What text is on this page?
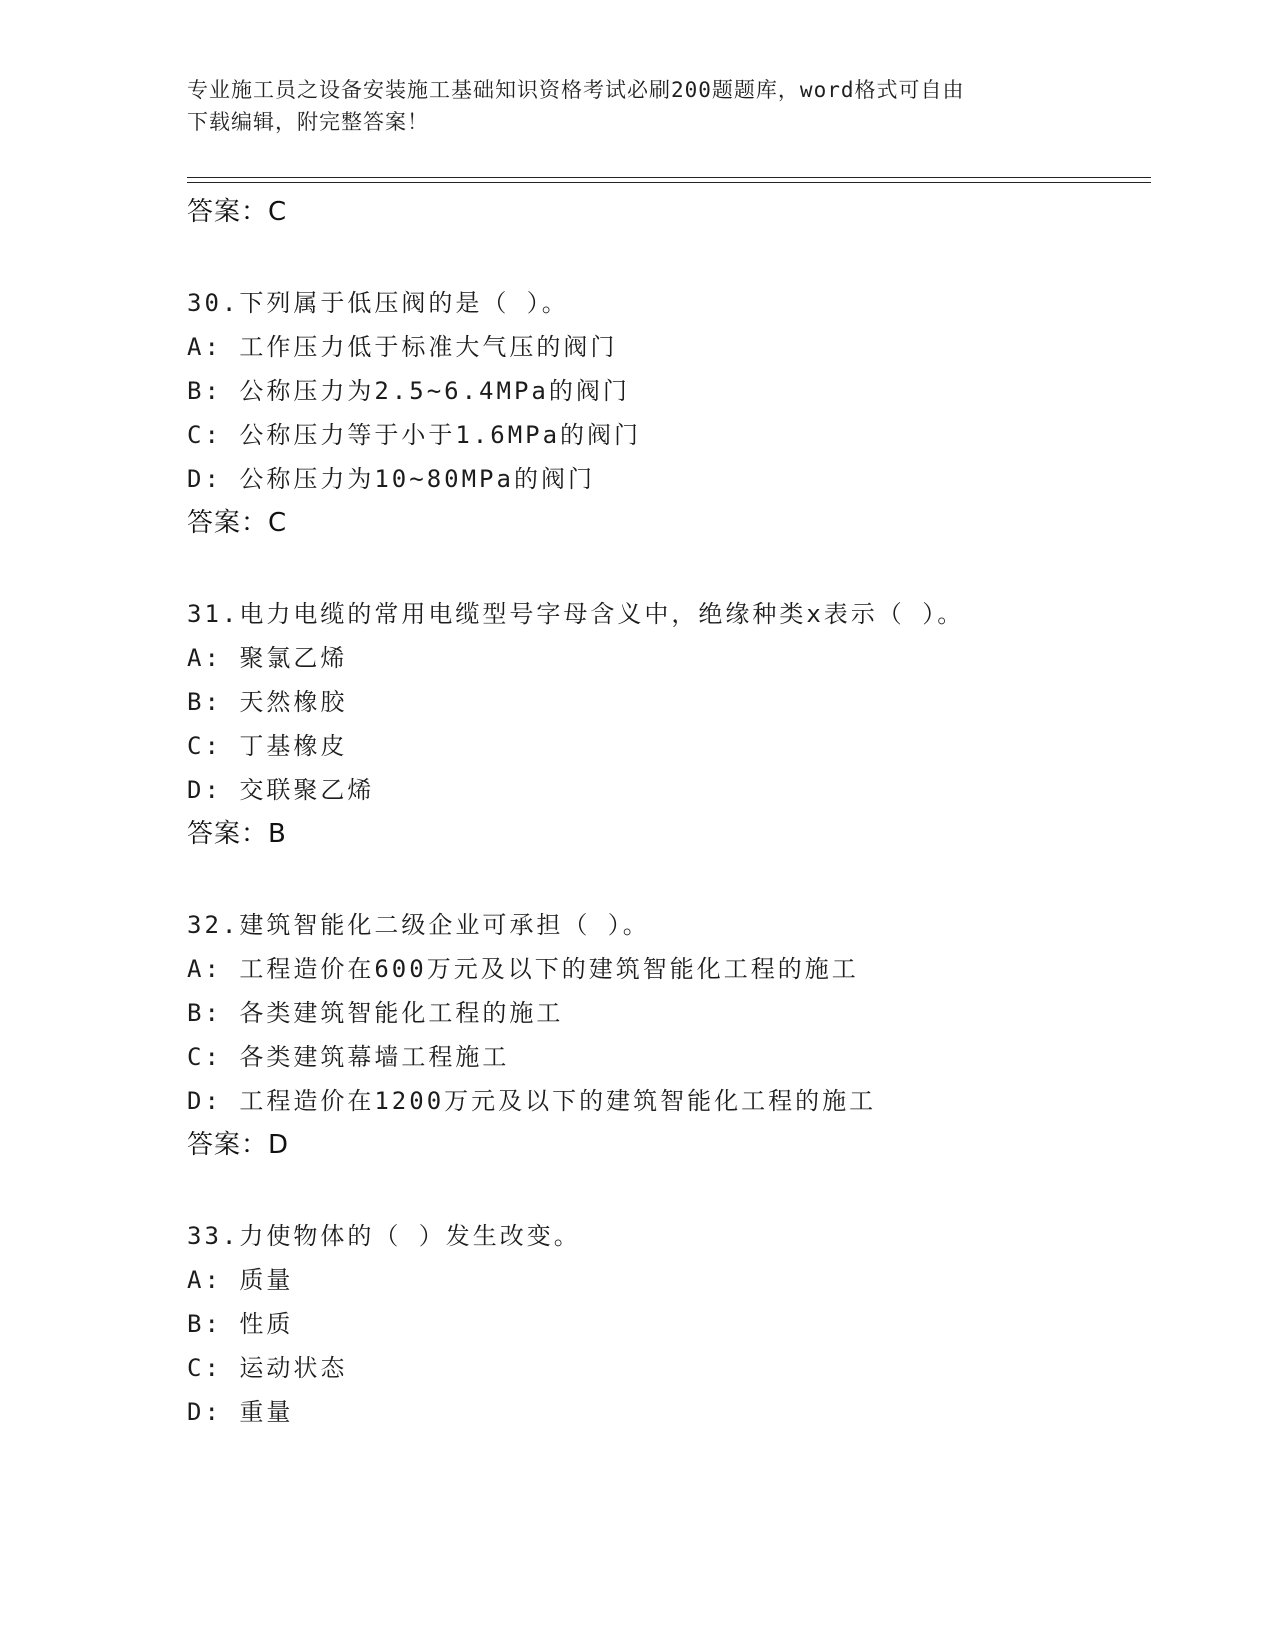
专业施工员之设备安装施工基础知识资格考试必刷200题题库，word格式可自由
下载编辑，附完整答案！
答案：C
30.下列属于低压阀的是（ ）。
A: 工作压力低于标准大气压的阀门
B: 公称压力为2.5~6.4MPa的阀门
C: 公称压力等于小于1.6MPa的阀门
D: 公称压力为10~80MPa的阀门
答案：C
31.电力电缆的常用电缆型号字母含义中，绝缘种类x表示（ ）。
A: 聚氯乙烯
B: 天然橡胶
C: 丁基橡皮
D: 交联聚乙烯
答案：B
32.建筑智能化二级企业可承担（ ）。
A: 工程造价在600万元及以下的建筑智能化工程的施工
B: 各类建筑智能化工程的施工
C: 各类建筑幕墙工程施工
D: 工程造价在1200万元及以下的建筑智能化工程的施工
答案：D
33.力使物体的（ ）发生改变。
A: 质量
B: 性质
C: 运动状态
D: 重量
